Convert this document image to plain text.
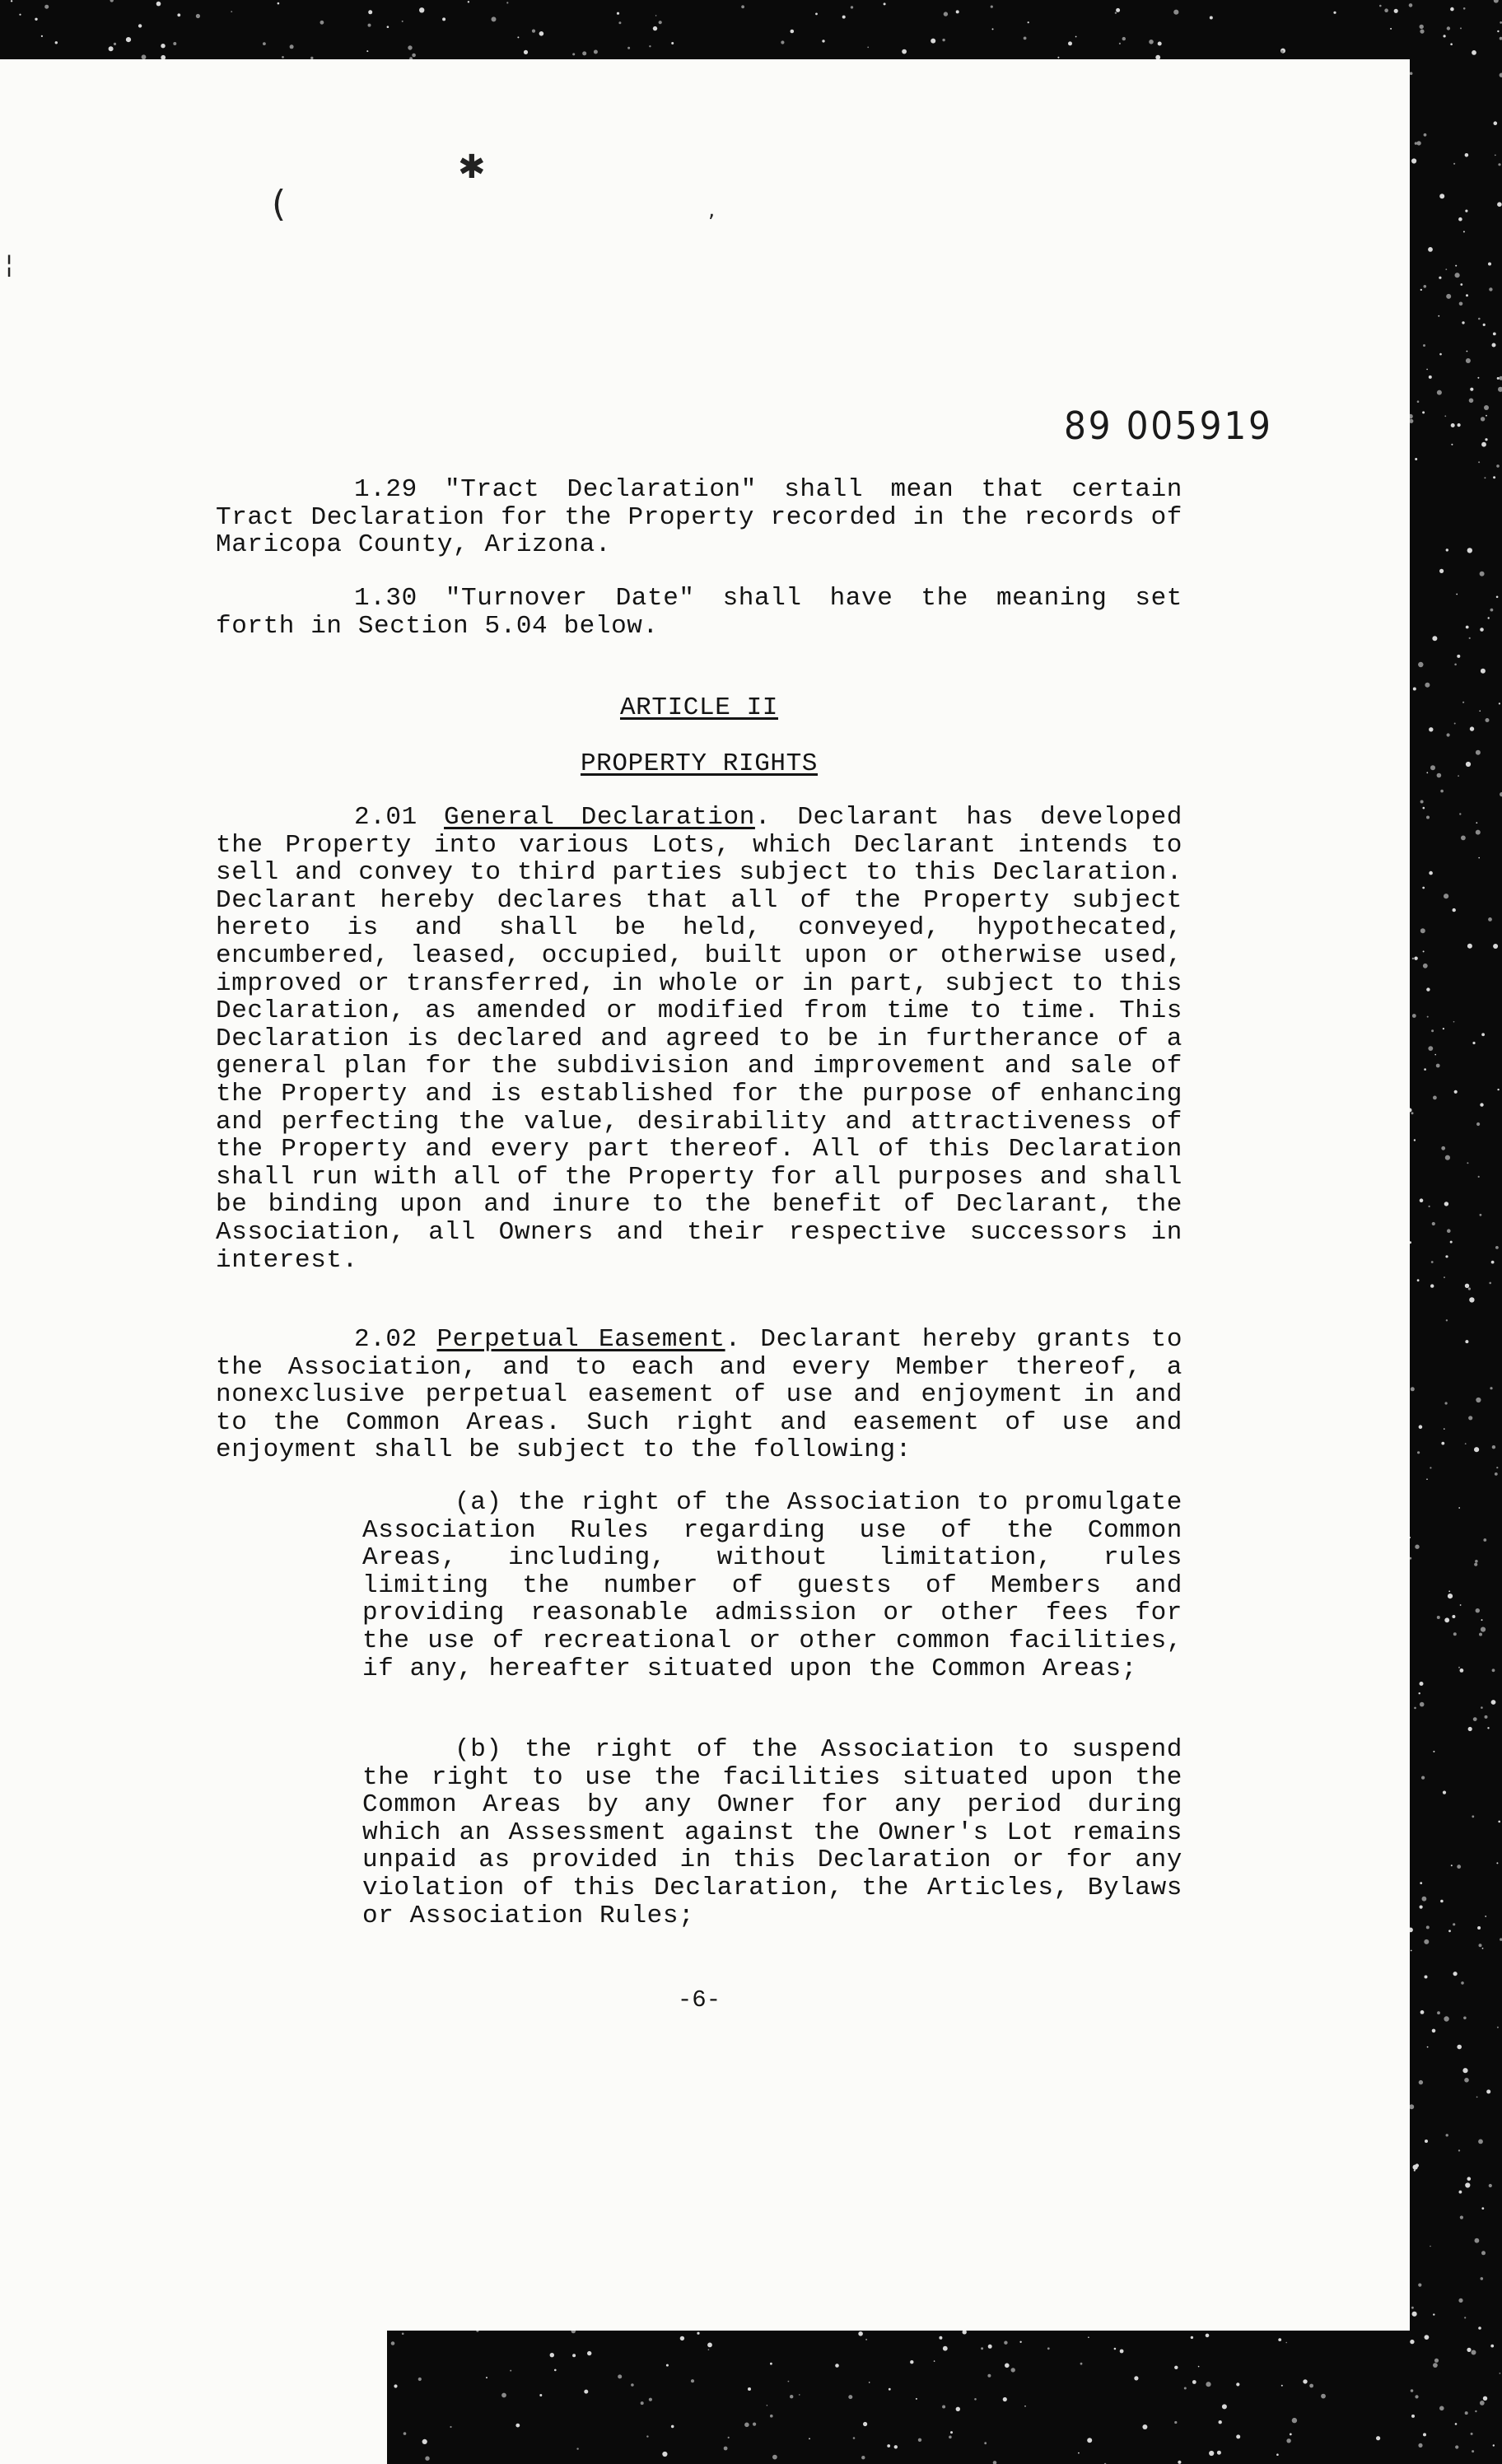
✱
(	,
¦
89 005919

1.29 "Tract Declaration" shall mean that certain Tract Declaration for the Property recorded in the records of Maricopa County, Arizona.

1.30 "Turnover Date" shall have the meaning set forth in Section 5.04 below.

ARTICLE II
PROPERTY RIGHTS

2.01 General Declaration. Declarant has developed the Property into various Lots, which Declarant intends to sell and convey to third parties subject to this Declaration. Declarant hereby declares that all of the Property subject hereto is and shall be held, conveyed, hypothecated, encumbered, leased, occupied, built upon or otherwise used, improved or transferred, in whole or in part, subject to this Declaration, as amended or modified from time to time. This Declaration is declared and agreed to be in furtherance of a general plan for the subdivision and improvement and sale of the Property and is established for the purpose of enhancing and perfecting the value, desirability and attractiveness of the Property and every part thereof. All of this Declaration shall run with all of the Property for all purposes and shall be binding upon and inure to the benefit of Declarant, the Association, all Owners and their respective successors in interest.

2.02 Perpetual Easement. Declarant hereby grants to the Association, and to each and every Member thereof, a nonexclusive perpetual easement of use and enjoyment in and to the Common Areas. Such right and easement of use and enjoyment shall be subject to the following:

(a) the right of the Association to promulgate Association Rules regarding use of the Common Areas, including, without limitation, rules limiting the number of guests of Members and providing reasonable admission or other fees for the use of recreational or other common facilities, if any, hereafter situated upon the Common Areas;

(b) the right of the Association to suspend the right to use the facilities situated upon the Common Areas by any Owner for any period during which an Assessment against the Owner's Lot remains unpaid as provided in this Declaration or for any violation of this Declaration, the Articles, Bylaws or Association Rules;

-6-
